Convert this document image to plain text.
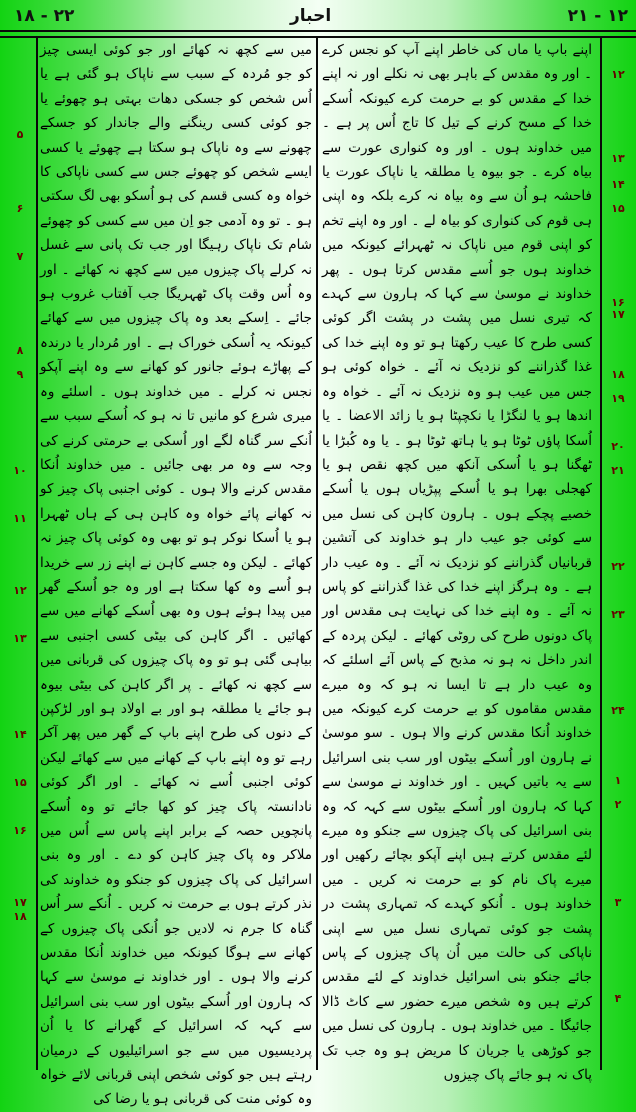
۱۸ - ۲۲	احبار	۲۱ - ۱۲
۵
۶
۷
۸
۹
۱۰
۱۱
۱۲
۱۳
۱۴
۱۵
۱۶
۱۷
۱۸
۱۲
۱۳
۱۴
۱۵
۱۶
۱۷
۱۸
۱۹
۲۰
۲۱
۲۲
۲۳
۲۴
۱
۲
۳
۴

اپنے باپ یا ماں کی خاطر اپنے آپ کو نجس کرے ۔ اور وہ مقدس کے باہر بھی نہ نکلے اور نہ اپنے خدا کے مقدس کو بے حرمت کرے کیونکہ اُسکے خدا کے مسح کرنے کے تیل کا تاج اُس پر ہے ۔ میں خداوند ہوں ۔ اور وہ کنواری عورت سے بیاہ کرے ۔ جو بیوہ یا مطلقہ یا ناپاک عورت یا فاحشہ ہو اُن سے وہ بیاہ نہ کرے بلکہ وہ اپنی ہی قوم کی کنواری کو بیاہ لے ۔ اور وہ اپنے تخم کو اپنی قوم میں ناپاک نہ ٹھہرائے کیونکہ میں خداوند ہوں جو اُسے مقدس کرتا ہوں ۔ پھر خداوند نے موسیٰ سے کہا کہ ہارون سے کہدے کہ تیری نسل میں پشت در پشت اگر کوئی کسی طرح کا عیب رکھتا ہو تو وہ اپنے خدا کی غذا گذراننے کو نزدیک نہ آئے ۔ خواہ کوئی ہو جس میں عیب ہو وہ نزدیک نہ آئے ۔ خواہ وہ اندھا ہو یا لنگڑا یا نکچپٹا ہو یا زائد الاعضا ۔ یا اُسکا پاؤں ٹوٹا ہو یا ہاتھ ٹوٹا ہو ۔ یا وہ کُبڑا یا ٹھگنا ہو یا اُسکی آنکھ میں کچھ نقص ہو یا کھجلی بھرا ہو یا اُسکے پپڑیاں ہوں یا اُسکے خصیے پچکے ہوں ۔ ہارون کاہن کی نسل میں سے کوئی جو عیب دار ہو خداوند کی آتشین قربانیاں گذراننے کو نزدیک نہ آئے ۔ وہ عیب دار ہے ۔ وہ ہرگز اپنے خدا کی غذا گذراننے کو پاس نہ آئے ۔ وہ اپنے خدا کی نہایت ہی مقدس اور پاک دونوں طرح کی روٹی کھائے ۔ لیکن پردہ کے اندر داخل نہ ہو نہ مذبح کے پاس آئے اسلئے کہ وہ عیب دار ہے تا ایسا نہ ہو کہ وہ میرے مقدس مقاموں کو بے حرمت کرے کیونکہ میں خداوند اُنکا مقدس کرنے والا ہوں ۔ سو موسیٰ نے ہارون اور اُسکے بیٹوں اور سب بنی اسرائیل سے یہ باتیں کہیں ۔ اور خداوند نے موسیٰ سے کہا کہ ہارون اور اُسکے بیٹوں سے کہہ کہ وہ بنی اسرائیل کی پاک چیزوں سے جنکو وہ میرے لئے مقدس کرتے ہیں اپنے آپکو بچائے رکھیں اور میرے پاک نام کو بے حرمت نہ کریں ۔ میں خداوند ہوں ۔ اُنکو کہدے کہ تمہاری پشت در پشت جو کوئی تمہاری نسل میں سے اپنی ناپاکی کی حالت میں اُن پاک چیزوں کے پاس جائے جنکو بنی اسرائیل خداوند کے لئے مقدس کرتے ہیں وہ شخص میرے حضور سے کاٹ ڈالا جائیگا ۔ میں خداوند ہوں ۔ ہارون کی نسل میں جو کوڑھی یا جریان کا مریض ہو وہ جب تک پاک نہ ہو جائے پاک چیزوں

میں سے کچھ نہ کھائے اور جو کوئی ایسی چیز کو جو مُردہ کے سبب سے ناپاک ہو گئی ہے یا اُس شخص کو جسکی دھات بہتی ہو چھوئے یا جو کوئی کسی رینگنے والے جاندار کو جسکے چھونے سے وہ ناپاک ہو سکتا ہے چھوئے یا کسی ایسے شخص کو چھوئے جس سے کسی ناپاکی کا خواہ وہ کسی قسم کی ہو اُسکو بھی لگ سکتی ہو ۔ تو وہ آدمی جو اِن میں سے کسی کو چھوئے شام تک ناپاک رہیگا اور جب تک پانی سے غسل نہ کرلے پاک چیزوں میں سے کچھ نہ کھائے ۔ اور وہ اُس وقت پاک ٹھہریگا جب آفتاب غروب ہو جائے ۔ اِسکے بعد وہ پاک چیزوں میں سے کھائے کیونکہ یہ اُسکی خوراک ہے ۔ اور مُردار یا درندہ کے پھاڑے ہوئے جانور کو کھانے سے وہ اپنے آپکو نجس نہ کرلے ۔ میں خداوند ہوں ۔ اسلئے وہ میری شرع کو مانیں تا نہ ہو کہ اُسکے سبب سے اُنکے سر گناہ لگے اور اُسکی بے حرمتی کرنے کی وجہ سے وہ مر بھی جائیں ۔ میں خداوند اُنکا مقدس کرنے والا ہوں ۔ کوئی اجنبی پاک چیز کو نہ کھانے پائے خواہ وہ کاہن ہی کے ہاں ٹھہرا ہو یا اُسکا نوکر ہو تو بھی وہ کوئی پاک چیز نہ کھائے ۔ لیکن وہ جسے کاہن نے اپنے زر سے خریدا ہو اُسے وہ کھا سکتا ہے اور وہ جو اُسکے گھر میں پیدا ہوئے ہوں وہ بھی اُسکے کھانے میں سے کھائیں ۔ اگر کاہن کی بیٹی کسی اجنبی سے بیاہی گئی ہو تو وہ پاک چیزوں کی قربانی میں سے کچھ نہ کھائے ۔ پر اگر کاہن کی بیٹی بیوہ ہو جائے یا مطلقہ ہو اور بے اولاد ہو اور لڑکپن کے دنوں کی طرح اپنے باپ کے گھر میں پھر آکر رہے تو وہ اپنے باپ کے کھانے میں سے کھائے لیکن کوئی اجنبی اُسے نہ کھائے ۔ اور اگر کوئی نادانستہ پاک چیز کو کھا جائے تو وہ اُسکے پانچویں حصہ کے برابر اپنے پاس سے اُس میں ملاکر وہ پاک چیز کاہن کو دے ۔ اور وہ بنی اسرائیل کی پاک چیزوں کو جنکو وہ خداوند کی نذر کرتے ہوں بے حرمت نہ کریں ۔ اُنکے سر اُس گناہ کا جرم نہ لادیں جو اُنکی پاک چیزوں کے کھانے سے ہوگا کیونکہ میں خداوند اُنکا مقدس کرنے والا ہوں ۔ اور خداوند نے موسیٰ سے کہا کہ ہارون اور اُسکے بیٹوں اور سب بنی اسرائیل سے کہہ کہ اسرائیل کے گھرانے کا یا اُن پردیسیوں میں سے جو اسرائیلیوں کے درمیان رہتے ہیں جو کوئی شخص اپنی قربانی لائے خواہ وہ کوئی منت کی قربانی ہو یا رضا کی
